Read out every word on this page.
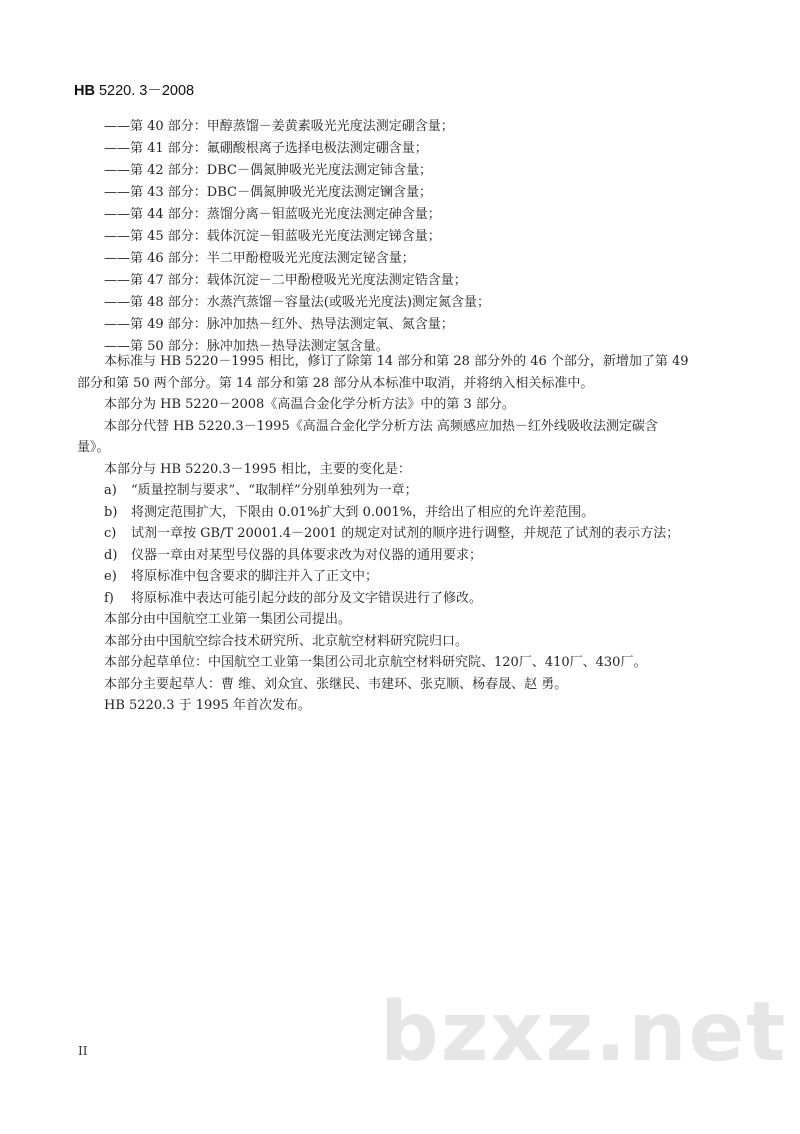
HB 5220. 3－2008
——第 40 部分：甲醇蒸馏－姜黄素吸光光度法测定硼含量；
——第 41 部分：氟硼酸根离子选择电极法测定硼含量；
——第 42 部分：DBC－偶氮胂吸光光度法测定铈含量；
——第 43 部分：DBC－偶氮胂吸光光度法测定镧含量；
——第 44 部分：蒸馏分离－钼蓝吸光光度法测定砷含量；
——第 45 部分：载体沉淀－钼蓝吸光光度法测定锑含量；
——第 46 部分：半二甲酚橙吸光光度法测定铋含量；
——第 47 部分：载体沉淀－二甲酚橙吸光光度法测定锆含量；
——第 48 部分：水蒸汽蒸馏－容量法(或吸光光度法)测定氮含量；
——第 49 部分：脉冲加热－红外、热导法测定氧、氮含量；
——第 50 部分：脉冲加热－热导法测定氢含量。
本标准与 HB 5220－1995 相比，修订了除第 14 部分和第 28 部分外的 46 个部分，新增加了第 49
部分和第 50 两个部分。第 14 部分和第 28 部分从本标准中取消，并将纳入相关标准中。
本部分为 HB 5220－2008《高温合金化学分析方法》中的第 3 部分。
本部分代替 HB 5220.3－1995《高温合金化学分析方法 高频感应加热－红外线吸收法测定碳含
量》。
本部分与 HB 5220.3－1995 相比，主要的变化是：
a)	“质量控制与要求”、“取制样”分别单独列为一章；
b)	将测定范围扩大，下限由 0.01%扩大到 0.001%，并给出了相应的允许差范围。
c)	试剂一章按 GB/T 20001.4－2001 的规定对试剂的顺序进行调整，并规范了试剂的表示方法；
d)	仪器一章由对某型号仪器的具体要求改为对仪器的通用要求；
e)	将原标准中包含要求的脚注并入了正文中；
f)	将原标准中表达可能引起分歧的部分及文字错误进行了修改。
本部分由中国航空工业第一集团公司提出。
本部分由中国航空综合技术研究所、北京航空材料研究院归口。
本部分起草单位：中国航空工业第一集团公司北京航空材料研究院、120厂、410厂、430厂。
本部分主要起草人：曹 维、刘众宜、张继民、韦建环、张克顺、杨春晟、赵 勇。
HB 5220.3 于 1995 年首次发布。
bzxz.net
II
